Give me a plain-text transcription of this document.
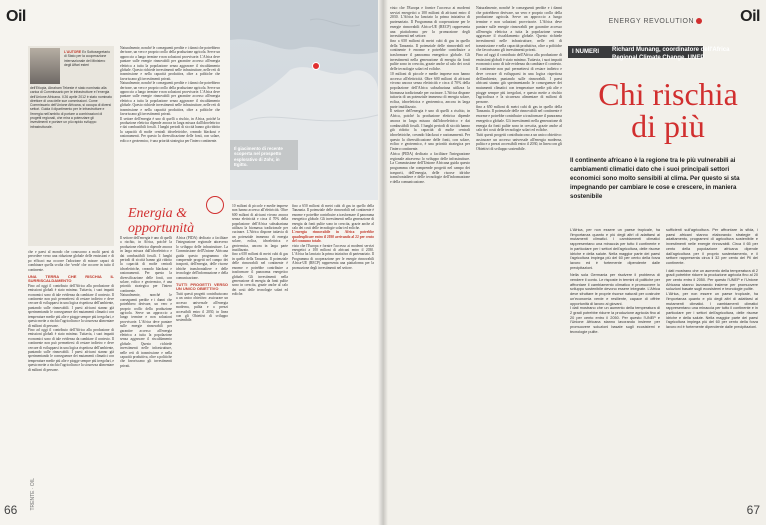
Oil
L'AUTORE Ex Sottosegretario di Stato per la cooperazione internazionale del Ministero degli Affari esteri
dell'Etiopia, Abraham Tekeste è stato nominato alla carica di Commissario per le infrastrutture e l'energia dell'Unione Africana. Il 26 aprile 2012 è stato nominato direttore di una delle sue commissioni. Come Commissario dell'Unione Africana, si occupa di diversi settori. Guida il dipartimento per le infrastrutture e l'energia nell'ambito di portare a combinazioni di progetti regionali, che mira a potenziare gli investimenti e portare un più rapido sviluppo infrastrutturale.
che e paesi al mondo che conoscono a molti paesi di precedere verso una riduzione globale delle emissioni e di po efficaci ma occorre l'adozione di misure capaci di combinare quella svolta che 'verde' che occorre in tutto il continente.
UNA TERRA CHE RISCHIA IL SURRISCALDAMENTO
Fino ad oggi il contributo dell'Africa alla produzione di emissioni globali è stato minimo. Tuttavia, i suoi impatti economici sono di tale evidenza da cambiare il contesto. Il continente non può permettersi di restare indietro e deve cercare di svilupparsi in una logica rispettosa dell'ambiente, puntando sulle rinnovabili. I paesi africani stanno già sperimentando le conseguenze dei mutamenti climatici con temperature medie più alte e piogge sempre più irregolari, e questo mette a rischio l'agricoltura e la sicurezza alimentare di milioni di persone.
Fino ad oggi il contributo dell'Africa alla produzione di emissioni globali è stato minimo. Tuttavia, i suoi impatti economici sono di tale evidenza da cambiare il contesto. Il continente non può permettersi di restare indietro e deve cercare di svilupparsi in una logica rispettosa dell'ambiente, puntando sulle rinnovabili. I paesi africani stanno già sperimentando le conseguenze dei mutamenti climatici con temperature medie più alte e piogge sempre più irregolari, e questo mette a rischio l'agricoltura e la sicurezza alimentare di milioni di persone.
Naturalmente, nonché le conseguenti perdite e i danni che potrebbero derivare, un vero e proprio crollo della produzione agricola. Serve un approccio a lungo termine e non soluzioni provvisorie. L'Africa deve puntare sulle energie rinnovabili per garantire accesso all'energia elettrica a tutta la popolazione senza aggravare il riscaldamento globale. Questo richiede investimenti nelle infrastrutture, nelle reti di trasmissione e nella capacità produttiva, oltre a politiche che favoriscano gli investimenti privati.
Naturalmente, nonché le conseguenti perdite e i danni che potrebbero derivare, un vero e proprio crollo della produzione agricola. Serve un approccio a lungo termine e non soluzioni provvisorie. L'Africa deve puntare sulle energie rinnovabili per garantire accesso all'energia elettrica a tutta la popolazione senza aggravare il riscaldamento globale. Questo richiede investimenti nelle infrastrutture, nelle reti di trasmissione e nella capacità produttiva, oltre a politiche che favoriscano gli investimenti privati.
Il settore dell'energia è uno di quelli a rischio, in Africa, poiché la produzione elettrica dipende ancora in larga misura dall'idroelettrico e dai combustibili fossili. I lunghi periodi di siccità hanno già ridotto la capacità di molte centrali idroelettriche, creando blackout e razionamenti. Per questo la diversificazione delle fonti, con solare, eolico e geotermico, è una priorità strategica per l'intero continente.
Energia & opportunità
Il settore dell'energia è uno di quelli a rischio, in Africa, poiché la produzione elettrica dipende ancora in larga misura dall'idroelettrico e dai combustibili fossili. I lunghi periodi di siccità hanno già ridotto la capacità di molte centrali idroelettriche, creando blackout e razionamenti. Per questo la diversificazione delle fonti, con solare, eolico e geotermico, è una priorità strategica per l'intero continente.
Naturalmente, nonché le conseguenti perdite e i danni che potrebbero derivare, un vero e proprio crollo della produzione agricola. Serve un approccio a lungo termine e non soluzioni provvisorie. L'Africa deve puntare sulle energie rinnovabili per garantire accesso all'energia elettrica a tutta la popolazione senza aggravare il riscaldamento globale. Questo richiede investimenti nelle infrastrutture, nelle reti di trasmissione e nella capacità produttiva, oltre a politiche che favoriscano gli investimenti privati.
Africa (PIDA) dedicato a facilitare l'integrazione regionale attraverso lo sviluppo delle infrastrutture. La Commissione dell'Unione Africana guida questo programma che comprende progetti nel campo dei trasporti, dell'energia, delle risorse idriche transfrontaliere e delle tecnologie dell'informazione e della comunicazione.
TUTTI PROGETTI VERSO UN UNICO OBIETTIVO
Tutti questi progetti contribuiscono a un unico obiettivo: assicurare un accesso universale all'energia moderna, pulita e a prezzi accessibili entro il 2030, in linea con gli Obiettivi di sviluppo sostenibile.
Il giacimento di recente scoperta nel prospetto esplorativo di Zohr, in Egitto.
10 milioni di piccole e medie imprese non hanno accesso all'elettricità. Oltre 600 milioni di africani vivono ancora senza elettricità e circa il 70% della popolazione dell'Africa subsahariana utilizza la biomassa tradizionale per cucinare. L'Africa dispone tuttavia di un potenziale immenso di energia solare, eolica, idroelettrica e geotermica, ancora in larga parte inutilizzato.
fino a 650 milioni di metri cubi di gas in quello della Tanzania. Il potenziale delle rinnovabili nel continente è enorme e potrebbe contribuire a trasformare il panorama energetico globale. Gli investimenti nella generazione di energia da fonti pulite sono in crescita, grazie anche al calo dei costi delle tecnologie solari ed eoliche.
fino a 650 milioni di metri cubi di gas in quello della Tanzania. Il potenziale delle rinnovabili nel continente è enorme e potrebbe contribuire a trasformare il panorama energetico globale. Gli investimenti nella generazione di energia da fonti pulite sono in crescita, grazie anche al calo dei costi delle tecnologie solari ed eoliche.
L'energia rinnovabile in Africa potrebbe quadruplicare entro il 2030 arrivando al 22 per cento del consumo totale.
visto che l'Europa e fornire l'accesso ai moderni servizi energetici a 100 milioni di africani entro il 2030. L'Africa ha lanciato la prima iniziativa di partenariato. Il Programma di cooperazione per le energie rinnovabili Africa-UE (RECP) rappresenta una piattaforma per la promozione degli investimenti nel settore.
TRENTE · OIL
66
Oil
67
ENERGY REVOLUTION
visto che l'Europa e fornire l'accesso ai moderni servizi energetici a 100 milioni di africani entro il 2030. L'Africa ha lanciato la prima iniziativa di partenariato. Il Programma di cooperazione per le energie rinnovabili Africa-UE (RECP) rappresenta una piattaforma per la promozione degli investimenti nel settore.
fino a 650 milioni di metri cubi di gas in quello della Tanzania. Il potenziale delle rinnovabili nel continente è enorme e potrebbe contribuire a trasformare il panorama energetico globale. Gli investimenti nella generazione di energia da fonti pulite sono in crescita, grazie anche al calo dei costi delle tecnologie solari ed eoliche.
10 milioni di piccole e medie imprese non hanno accesso all'elettricità. Oltre 600 milioni di africani vivono ancora senza elettricità e circa il 70% della popolazione dell'Africa subsahariana utilizza la biomassa tradizionale per cucinare. L'Africa dispone tuttavia di un potenziale immenso di energia solare, eolica, idroelettrica e geotermica, ancora in larga parte inutilizzato.
Il settore dell'energia è uno di quelli a rischio, in Africa, poiché la produzione elettrica dipende ancora in larga misura dall'idroelettrico e dai combustibili fossili. I lunghi periodi di siccità hanno già ridotto la capacità di molte centrali idroelettriche, creando blackout e razionamenti. Per questo la diversificazione delle fonti, con solare, eolico e geotermico, è una priorità strategica per l'intero continente.
Africa (PIDA) dedicato a facilitare l'integrazione regionale attraverso lo sviluppo delle infrastrutture. La Commissione dell'Unione Africana guida questo programma che comprende progetti nel campo dei trasporti, dell'energia, delle risorse idriche transfrontaliere e delle tecnologie dell'informazione e della comunicazione.
Naturalmente, nonché le conseguenti perdite e i danni che potrebbero derivare, un vero e proprio crollo della produzione agricola. Serve un approccio a lungo termine e non soluzioni provvisorie. L'Africa deve puntare sulle energie rinnovabili per garantire accesso all'energia elettrica a tutta la popolazione senza aggravare il riscaldamento globale. Questo richiede investimenti nelle infrastrutture, nelle reti di trasmissione e nella capacità produttiva, oltre a politiche che favoriscano gli investimenti privati.
Fino ad oggi il contributo dell'Africa alla produzione di emissioni globali è stato minimo. Tuttavia, i suoi impatti economici sono di tale evidenza da cambiare il contesto. Il continente non può permettersi di restare indietro e deve cercare di svilupparsi in una logica rispettosa dell'ambiente, puntando sulle rinnovabili. I paesi africani stanno già sperimentando le conseguenze dei mutamenti climatici con temperature medie più alte e piogge sempre più irregolari, e questo mette a rischio l'agricoltura e la sicurezza alimentare di milioni di persone.
fino a 650 milioni di metri cubi di gas in quello della Tanzania. Il potenziale delle rinnovabili nel continente è enorme e potrebbe contribuire a trasformare il panorama energetico globale. Gli investimenti nella generazione di energia da fonti pulite sono in crescita, grazie anche al calo dei costi delle tecnologie solari ed eoliche.
Tutti questi progetti contribuiscono a un unico obiettivo: assicurare un accesso universale all'energia moderna, pulita e a prezzi accessibili entro il 2030, in linea con gli Obiettivi di sviluppo sostenibile.
I NUMERI Richard Munang, coordinatore dell'Africa Regional Climate Change, UNEP
Chi rischia
di più
Il continente africano è la regione tra le più vulnerabili ai cambiamenti climatici dato che i suoi principali settori economici sono molto sensibili al clima. Per questo si sta impegnando per cambiare le cose e crescere, in maniera sostenibile
L'Africa, per non essere un paese tropicale, ha l'importanza quanto e più degli altri di adattarsi ai mutamenti climatici. I cambiamenti climatici rappresentano una minaccia per tutto il continente e in particolare per i settori dell'agricoltura, delle risorse idriche e della salute. Nella maggior parte dei paesi l'agricoltura impiega più del 60 per cento della forza lavoro ed è fortemente dipendente dalle precipitazioni.
Nella sola Germania per risolvere il problema di vendere il conto. Le risposte in termini di politiche per affrontare il cambiamento climatico e promuovere lo sviluppo sostenibile devono essere integrate. L'Africa deve sfruttare le proprie risorse naturali per costruire un'economia verde e resiliente, capace di offrire opportunità di lavoro ai giovani.
I dati mostrano che un aumento della temperatura di 2 gradi potrebbe ridurre la produzione agricola fino al 20 per cento entro il 2050. Per questo l'UNEP e l'Unione Africana stanno lavorando insieme per promuovere soluzioni basate sugli ecosistemi e tecnologie pulite.
sufficienti sull'agricoltura. Per affrontare la sfida, i paesi africani stanno elaborando strategie di adattamento, programmi di agricoltura sostenibile e investimenti nelle energie rinnovabili. Circa il 65 per cento della popolazione africana dipende dall'agricoltura per il proprio sostentamento, e il settore rappresenta circa il 32 per cento del Pil del continente.
I dati mostrano che un aumento della temperatura di 2 gradi potrebbe ridurre la produzione agricola fino al 20 per cento entro il 2050. Per questo l'UNEP e l'Unione Africana stanno lavorando insieme per promuovere soluzioni basate sugli ecosistemi e tecnologie pulite.
L'Africa, per non essere un paese tropicale, ha l'importanza quanto e più degli altri di adattarsi ai mutamenti climatici. I cambiamenti climatici rappresentano una minaccia per tutto il continente e in particolare per i settori dell'agricoltura, delle risorse idriche e della salute. Nella maggior parte dei paesi l'agricoltura impiega più del 60 per cento della forza lavoro ed è fortemente dipendente dalle precipitazioni.
